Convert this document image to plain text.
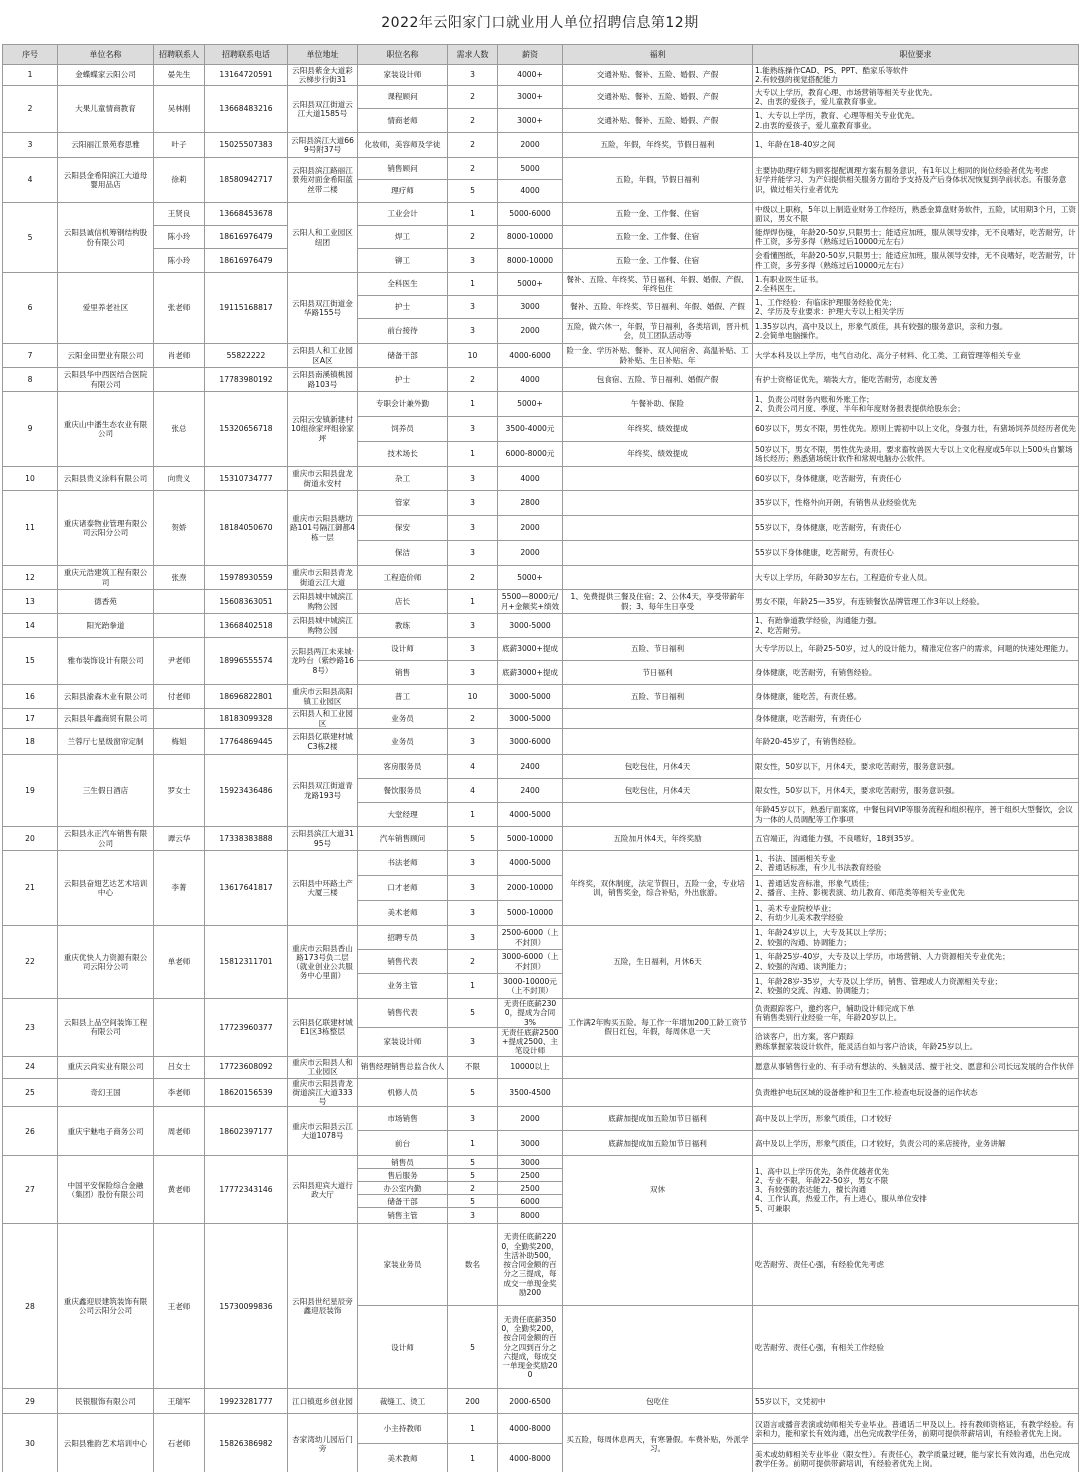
2022年云阳家门口就业用人单位招聘信息第12期
序号	单位名称	招聘联系人	招聘联系电话	单位地址	职位名称	需求人数	薪资	福利	职位要求
1	金蝶蝶家云阳公司	晏先生	13164720591	云阳县紫金大道彩云梯步行街31	家装设计师	3	4000+	交通补贴、餐补、五险、婚假、产假	1.能熟练操作CAD、PS、PPT、酷家乐等软件
2.有较强的视觉搭配能力
2	大果儿童情商教育	吴林刚	13668483216	云阳县双江街道云江大道1585号	课程顾问	2	3000+	交通补贴、餐补、五险、婚假、产假	大专以上学历，教育心理、市场营销等相关专业优先。
2、由衷的爱孩子，爱儿童教育事业。
					情商老师	2	3000+	交通补贴、餐补、五险、婚假、产假	1、大专以上学历，教育、心理等相关专业优先。
2.由衷的爱孩子，爱儿童教育事业。
3	云阳丽江景苑春思雅	叶子	15025507383	云阳县滨江大道669号附37号	化妆师，美容师及学徒	2	2000	五险，年假，年终奖，节假日福利	1、年龄在18-40岁之间
4	云阳县金希阳滨江大道母婴用品店	徐莉	18580942717	云阳县滨江路丽江景苑对面金希阳蓝丝带二楼	销售顾问	2	5000	五险，年假，节假日福利	主要协助理疗师为顾客提配调理方案有服务意识，有1年以上相同的岗位经验者优先考虑
好学并能学习、为产妇提供相关服务方面给予支持及产后身体状况恢复到孕前状态。有服务意识，做过相关行业者优先
					理疗师	5	4000		
5	云阳县诚信机筹钢结构股份有限公司	王贤良	13668453678	云阳人和工业园区纽团	工业会计	1	5000-6000	五险一金、工作餐、住宿	中级以上职称，5年以上制造业财务工作经历，熟悉金算盘财务软件，五险，试用期3个月，工资面议，男女不限
		陈小玲	18616976479		焊工	2	8000-10000	五险一金、工作餐、住宿	能焊焊伤缝，年龄20-50岁,只限男士；能适应加班，服从领导安排，无不良嗜好，吃苦耐劳，计件工资，多劳多得（熟练过后10000元左右）
		陈小玲	18616976479		铆工	3	8000-10000	五险一金、工作餐、住宿	会看懂图纸，年龄20-50岁,只限男士；能适应加班，服从领导安排，无不良嗜好，吃苦耐劳，计件工资，多劳多得（熟练过后10000元左右）
6	爱里养老社区	张老师	19115168817	云阳县双江街道金华路155号	全科医生	1	5000+	餐补、五险、年终奖、节日福利、年假、婚假、产假、年终包住	1.有职业医生证书。
2.全科医生。
					护士	3	3000	餐补、五险、年终奖、节日福利、年假、婚假、产假	1、工作经验：有临床护理服务经验优先；
2、学历及专业要求：护理大专以上相关学历
					前台接待	3	2000	五险，做六休一，年假，节日福利，各类培训，晋升机会，员工团队活动等	1.35岁以内，高中及以上，形象气质佳，具有较强的服务意识，亲和力强。
2.会简单电脑操作。
7	云阳金田塑业有限公司	肖老师	55822222	云阳县人和工业园区A区	储备干部	10	4000-6000	险一金、学历补贴、餐补、双人间宿舍、高温补贴、工龄补贴、生日补贴、年	大学本科及以上学历，电气自动化、高分子材料、化工类、工商管理等相关专业
8	云阳县华中西医结合医院有限公司		17783980192	云阳县南溪镇桃园路103号	护士	2	4000	包食宿、五险、节日福利、婚假产假	有护士资格证优先，端装大方，能吃苦耐劳，态度友善
9	重庆山中潘生态农业有限公司	张总	15320656718	云阳云安镇新建村10组徐家坪组徐家坪	专职会计兼外勤	1	5000+	午餐补助、保险	1、负责公司财务内账和外账工作；
2、负责公司月度、季度、半年和年度财务报表提供给股东会；
					饲养员	3	3500-4000元	年终奖、绩效提成	60岁以下，男女不限，男性优先。原则上需初中以上文化，身强力壮，有猪场饲养员经历者优先
					技术场长	1	6000-8000元	年终奖、绩效提成	50岁以下，男女不限，男性优先录用。要求畜牧兽医大专以上文化程度或5年以上500头自繁场场长经历；熟悉猪场统计软件和常规电脑办公软件。
10	云阳县贵义涂料有限公司	向贵义	15310734777	重庆市云阳县盘龙街道永安村	杂工	3	4000		60岁以下，身体健康，吃苦耐劳，有责任心
11	重庆诸泰物业管理有限公司云阳分公司	贺娇	18184050670	重庆市云阳县塘坊路101号隔江御都4栋一层	管家	3	2800		35岁以下，性格外向开朗，有销售从业经验优先
					保安	3	2000		55岁以下，身体健康，吃苦耐劳，有责任心
					保洁	3	2000		55岁以下身体健康，吃苦耐劳，有责任心
12	重庆元浩建筑工程有限公司	张焘	15978930559	重庆市云阳县青龙街道云江大道	工程造价师	2	5000+		大专以上学历，年龄30岁左右，工程造价专业人员。
13	德香苑		15608363051	云阳县城中城滨江购物公园	店长	1	5500—8000元/月+金额奖+绩效	1、免费提供三餐及住宿；2、公休4天，享受带薪年假；3、每年生日享受	男女不限，年龄25—35岁，有连锁餐饮品牌管理工作3年以上经验。
14	阳光跆拳道		13668402518	云阳县城中城滨江购物公园	教练	3	3000-5000		1、有跆拳道教学经验，沟通能力强。
2、吃苦耐劳。
15	雅布装饰设计有限公司	尹老师	18996555574	云阳县两江未来城·龙吟台（紫纱路168号）	设计师	3	底薪3000+提成	五险、节日福利	大专学历以上，年龄25-50岁，过人的设计能力，精准定位客户的需求，问题的快速处理能力。
					销售	3	底薪3000+提成	节日福利	身体健康，吃苦耐劳，有销售经验。
16	云阳县渝森木业有限公司	付老师	18696822801	重庆市云阳县高阳镇工业园区	普工	10	3000-5000	五险、节日福利	身体健康，能吃苦，有责任感。
17	云阳县年鑫商贸有限公司		18183099328	云阳县人和工业园区	业务员	2	3000-5000		身体健康，吃苦耐劳，有责任心
18	兰蓉厅七星级窗帘定制	梅姐	17764869445	云阳县亿联建材城C3栋2楼	业务员	3	3000-6000		年龄20-45岁了，有销售经验。
19	三生假日酒店	罗女士	15923436486	云阳县双江街道青龙路193号	客房服务员	4	2400	包吃包住，月休4天	限女性，50岁以下，月休4天，要求吃苦耐劳，服务意识强。
					餐饮服务员	4	2400	包吃包住，月休4天	限女性，50岁以下，月休4天，要求吃苦耐劳，服务意识强。
					大堂经理	1	4000-5000		年龄45岁以下，熟悉厅面案席，中餐包间VIP等服务流程和组织程序，善于组织大型餐饮，会议为一体的人员调配等工作事项
20	云阳县永正汽车销售有限公司	谭云华	17338383888	云阳县滨江大道3195号	汽车销售顾问	5	5000-10000	五险加月休4天，年终奖励	五官端正，沟通能力强，不良嗜好，18到35岁。
21	云阳县奋翅艺达艺术培训中心	李菁	13617641817	云阳县中环路土产大厦三楼	书法老师	3	4000-5000	年终奖，双休制度，法定节假日，五险一金，专业培训，销售奖金，综合补贴，外出旅游。	1、书法、国画相关专业
2、普通话标准，有少儿书法教育经验
					口才老师	3	2000-10000		1、普通话发音标准，形象气质佳；
2、播音、主持、影视表演、幼儿教育、师范类等相关专业优先
					美术老师	3	5000-10000		1、美术专业院校毕业；
2、有幼少儿美术教学经验
22	重庆优快人力资源有限公司云阳分公司	单老师	15812311701	重庆市云阳县香山路173号负二层（就业创业公共服务中心里面）	招聘专员	3	2500-6000（上不封顶）	五险，生日福利，月休6天	1、年龄24岁以上，大专及其以上学历；
2、较强的沟通、协调能力；
					销售代表	2	3000-6000（上不封顶）		1、年龄25岁-40岁，大专及以上学历，市场营销、人力资源相关专业优先；
2、较强的沟通、谈判能力；
					业务主管	1	3000-10000元（上不封顶）		1、年龄28岁-35岁，大专及以上学历，销售、管理或人力资源相关专业；
2、较强的交流、沟通、协调能力；
23	云阳县上品空间装饰工程有限公司		17723960377	云阳县亿联建材城E1区3栋整层	销售代表	5	无责任底薪2300，提成为合同3%	工作满2年购买五险。每工作一年增加200工龄工资节假日红包，年假，每周休息一天	负责跟踪客户，邀约客户，辅助设计师完成下单
有销售类别行业经验一年，年龄20岁以上。
					家装设计师	3	无责任底薪2500+提成2500、主笔设计师		洽谈客户，出方案，客户跟踪
熟练掌握家装设计软件，能灵活自如与客户洽谈，年龄25岁以上。
24	重庆云尚实业有限公司	吕女士	17723608092	重庆市云阳县人和工业园区	销售经理销售总监合伙人	不限	10000以上		愿意从事销售行业的、有手动有想法的、头脑灵活、擅于社交、愿意和公司长远发展的合作伙伴
25	奇幻王国	李老师	18620156539	重庆市云阳县青龙街道滨江大道333号	机修人员	5	3500-4500		负责维护电玩区域的设备维护和卫生工作.检查电玩设备的运作状态
26	重庆宇魅电子商务公司	周老师	18602397177	重庆市云阳县云江大道1078号	市场销售	3	2000	底薪加提成加五险加节日福利	高中及以上学历，形象气质佳，口才较好
					前台	1	3000	底薪加提成加五险加节日福利	高中及以上学历，形象气质佳，口才较好，负责公司的来店接待，业务讲解
27	中国平安保险综合金融（集团）股份有限公司	黄老师	17772343146	云阳县迎宾大道行政大厅	销售员	5	3000	双休	1、高中以上学历优先，条件优越者优先
2、专业不限，年龄22-50岁，男女不限
3、有较强的表达能力，擅长沟通
4、工作认真，热爱工作，有上进心，服从单位安排
5、可兼职
					售后服务	5	2500		
					办公室内勤	2	2500		
					储备干部	5	6000		
					销售主管	3	8000		
28	重庆鑫迎辰建筑装饰有限公司云阳分公司	王老师	15730099836	云阳县世纪星辰旁鑫迎辰装饰	家装业务员	数名	无责任底薪2200，全勤奖200，生活补助500，按合同金额的百分之三提成，每成交一单现金奖励200		吃苦耐劳、责任心强，有经验优先考虑
					设计师	5	无责任底薪3500，全勤奖200，按合同金额的百分之四到百分之六提成，每成交一单现金奖励200		吃苦耐劳、责任心强，有相关工作经验
29	民银服饰有限公司	王瑞军	19923281777	江口镇逛乡创业园	裁缝工、烫工	200	2000-6500	包吃住	55岁以下，文凭初中
30	云阳县雅韵艺术培训中心	石老师	15826386982	杏家湾幼儿园后门旁	小主持教师	1	4000-8000	买五险，每周休息两天，有寒暑假。车费补贴，外派学习。	汉语言或播音表演或幼师相关专业毕业。普通话二甲及以上。持有教师资格证，有教学经验。有亲和力，能和家长有效沟通，出色完成教学任务，前期可提供带薪培训，有经验者优先上岗。
					美术教师	1	4000-8000		美术或幼师相关专业毕业（限女性）。有责任心，教学质量过硬，能与家长有效沟通，出色完成教学任务。前期可提供带薪培训，有经验者优先上岗。
